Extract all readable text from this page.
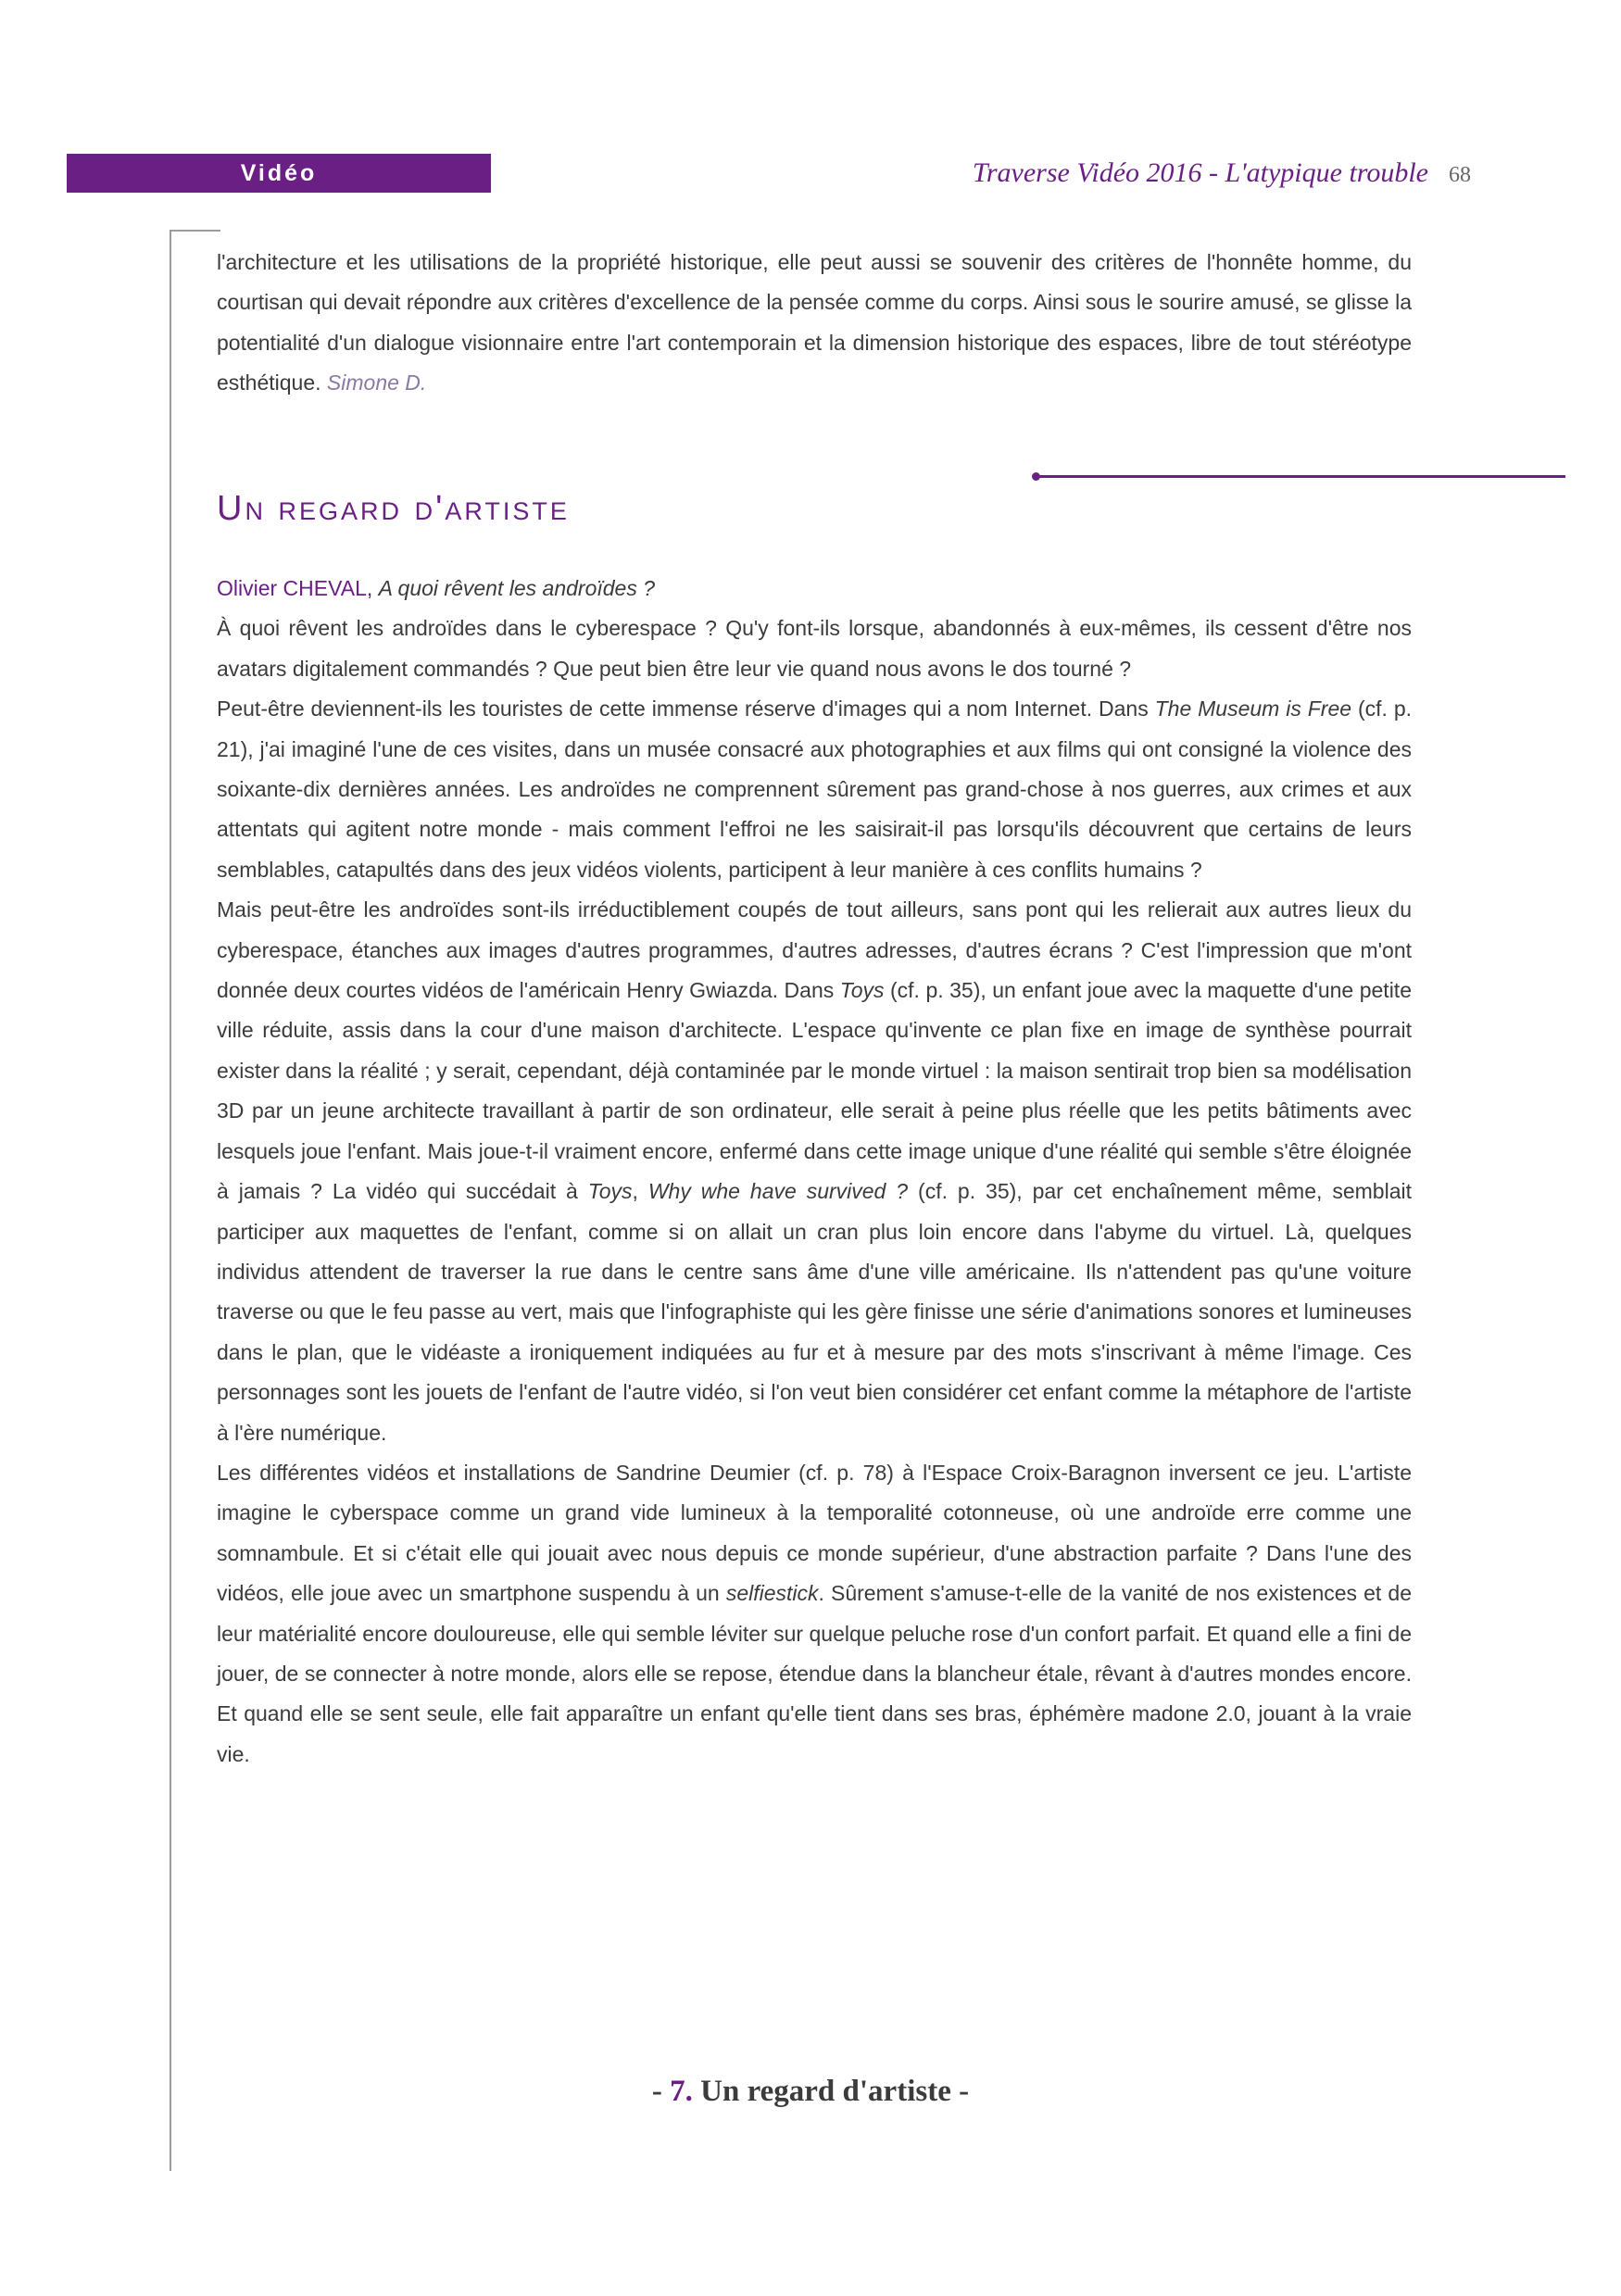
Vidéo	Traverse Vidéo 2016 - L'atypique trouble 68

l'architecture et les utilisations de la propriété historique, elle peut aussi se souvenir des critères de l'honnête homme, du courtisan qui devait répondre aux critères d'excellence de la pensée comme du corps. Ainsi sous le sourire amusé, se glisse la potentialité d'un dialogue visionnaire entre l'art contemporain et la dimension historique des espaces, libre de tout stéréotype esthétique. Simone D.

Un regard d'artiste

Olivier CHEVAL, A quoi rêvent les androïdes ?

À quoi rêvent les androïdes dans le cyberespace ? Qu'y font-ils lorsque, abandonnés à eux-mêmes, ils cessent d'être nos avatars digitalement commandés ? Que peut bien être leur vie quand nous avons le dos tourné ?

Peut-être deviennent-ils les touristes de cette immense réserve d'images qui a nom Internet. Dans The Museum is Free (cf. p. 21), j'ai imaginé l'une de ces visites, dans un musée consacré aux photographies et aux films qui ont consigné la violence des soixante-dix dernières années. Les androïdes ne comprennent sûrement pas grand-chose à nos guerres, aux crimes et aux attentats qui agitent notre monde - mais comment l'effroi ne les saisirait-il pas lorsqu'ils découvrent que certains de leurs semblables, catapultés dans des jeux vidéos violents, participent à leur manière à ces conflits humains ?

Mais peut-être les androïdes sont-ils irréductiblement coupés de tout ailleurs, sans pont qui les relierait aux autres lieux du cyberespace, étanches aux images d'autres programmes, d'autres adresses, d'autres écrans ? C'est l'impression que m'ont donnée deux courtes vidéos de l'américain Henry Gwiazda. Dans Toys (cf. p. 35), un enfant joue avec la maquette d'une petite ville réduite, assis dans la cour d'une maison d'architecte. L'espace qu'invente ce plan fixe en image de synthèse pourrait exister dans la réalité ; y serait, cependant, déjà contaminée par le monde virtuel : la maison sentirait trop bien sa modélisation 3D par un jeune architecte travaillant à partir de son ordinateur, elle serait à peine plus réelle que les petits bâtiments avec lesquels joue l'enfant. Mais joue-t-il vraiment encore, enfermé dans cette image unique d'une réalité qui semble s'être éloignée à jamais ? La vidéo qui succédait à Toys, Why whe have survived ? (cf. p. 35), par cet enchaînement même, semblait participer aux maquettes de l'enfant, comme si on allait un cran plus loin encore dans l'abyme du virtuel. Là, quelques individus attendent de traverser la rue dans le centre sans âme d'une ville américaine. Ils n'attendent pas qu'une voiture traverse ou que le feu passe au vert, mais que l'infographiste qui les gère finisse une série d'animations sonores et lumineuses dans le plan, que le vidéaste a ironiquement indiquées au fur et à mesure par des mots s'inscrivant à même l'image. Ces personnages sont les jouets de l'enfant de l'autre vidéo, si l'on veut bien considérer cet enfant comme la métaphore de l'artiste à l'ère numérique.

Les différentes vidéos et installations de Sandrine Deumier (cf. p. 78) à l'Espace Croix-Baragnon inversent ce jeu. L'artiste imagine le cyberspace comme un grand vide lumineux à la temporalité cotonneuse, où une androïde erre comme une somnambule. Et si c'était elle qui jouait avec nous depuis ce monde supérieur, d'une abstraction parfaite ? Dans l'une des vidéos, elle joue avec un smartphone suspendu à un selfiestick. Sûrement s'amuse-t-elle de la vanité de nos existences et de leur matérialité encore douloureuse, elle qui semble léviter sur quelque peluche rose d'un confort parfait. Et quand elle a fini de jouer, de se connecter à notre monde, alors elle se repose, étendue dans la blancheur étale, rêvant à d'autres mondes encore. Et quand elle se sent seule, elle fait apparaître un enfant qu'elle tient dans ses bras, éphémère madone 2.0, jouant à la vraie vie.

- 7. Un regard d'artiste -
